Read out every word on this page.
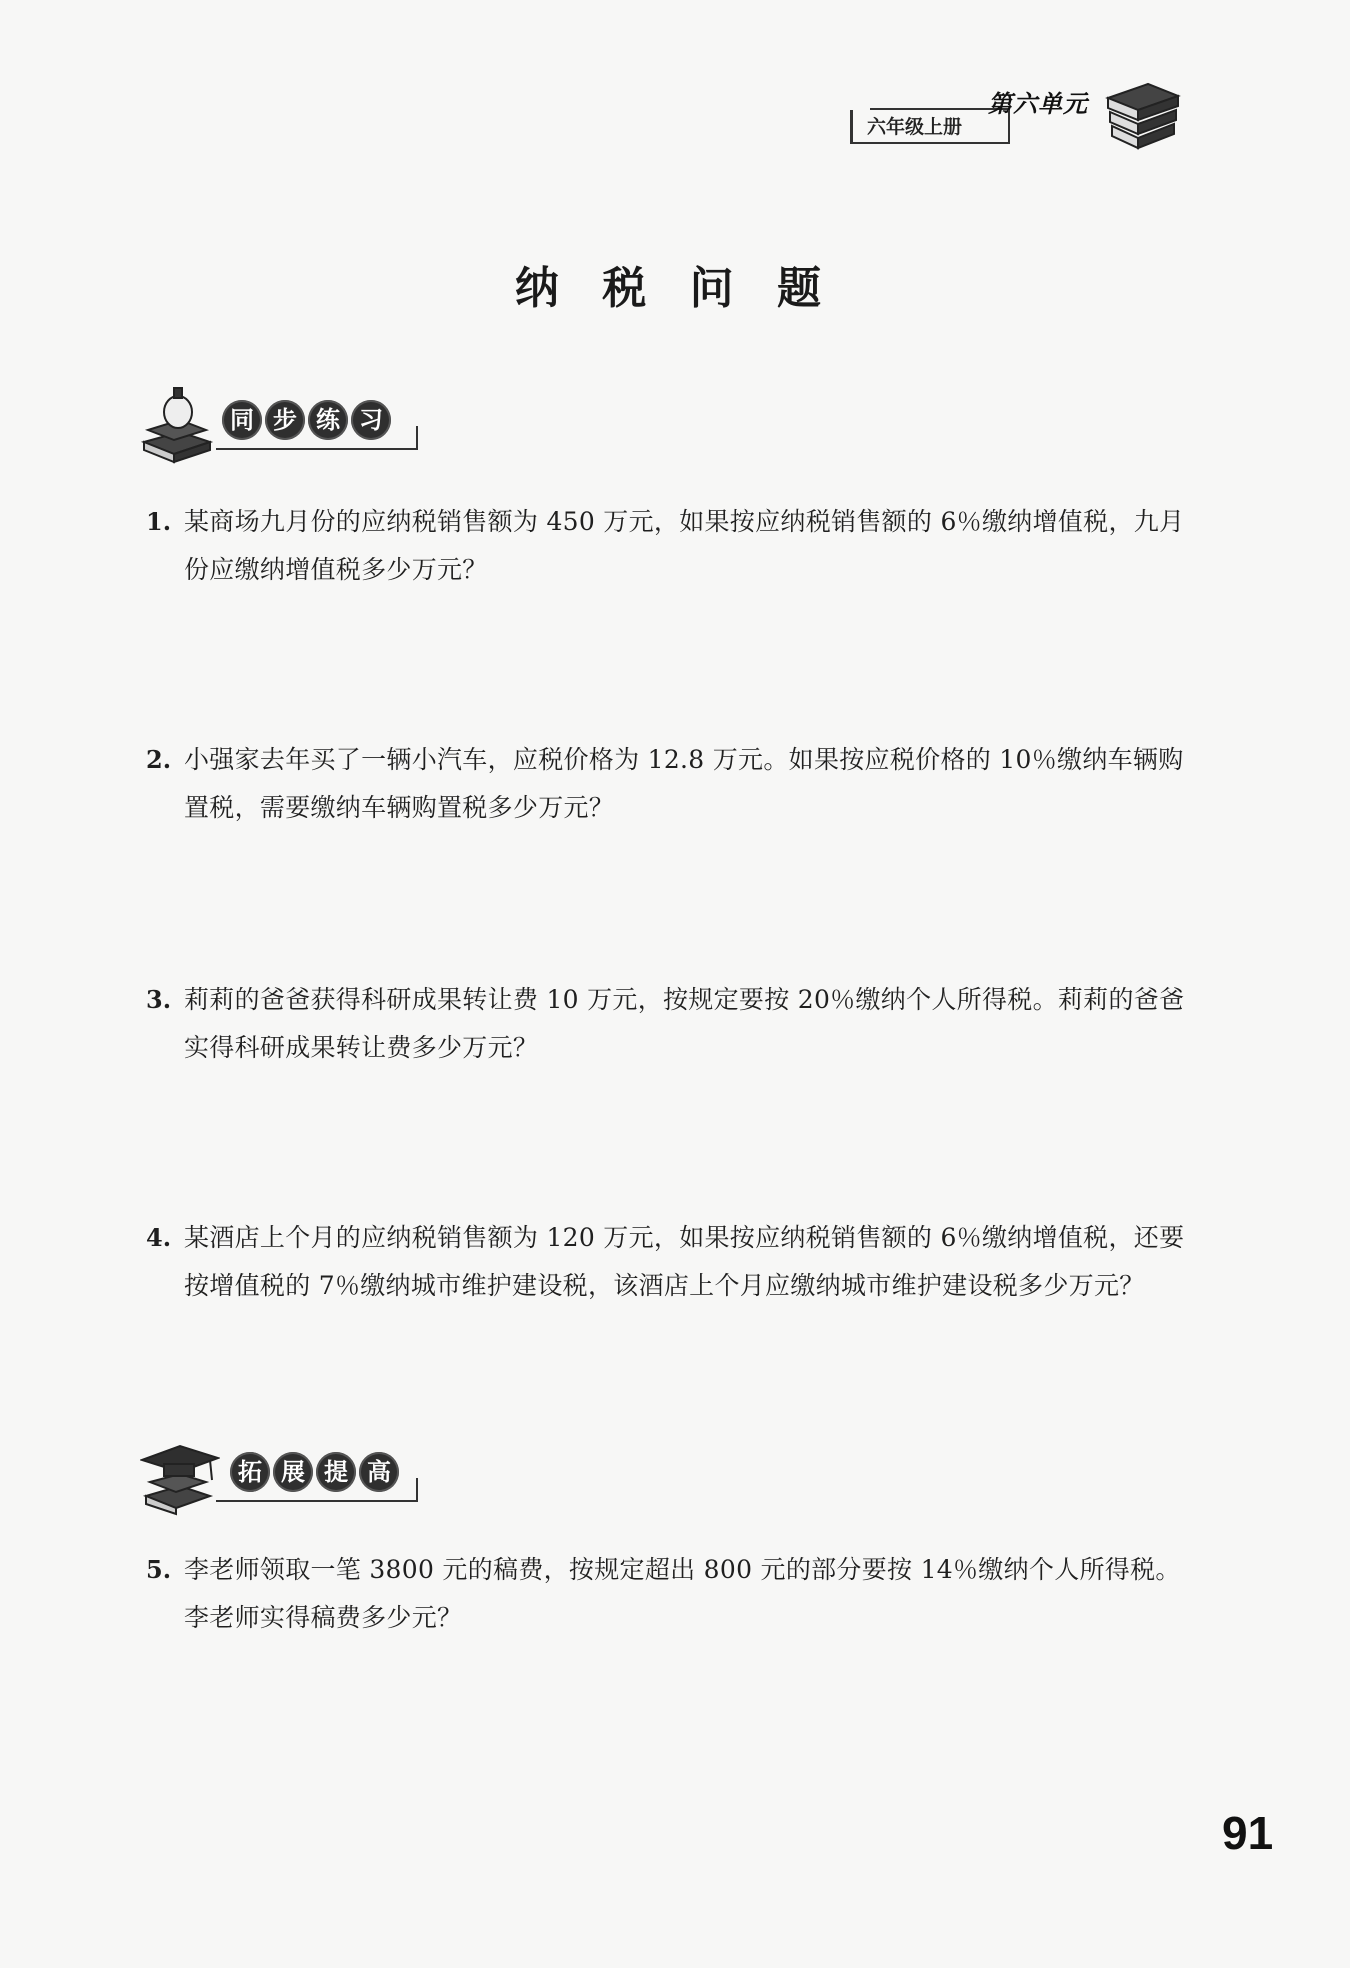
第六单元
六年级上册
纳 税 问 题
同 步 练 习
1. 某商场九月份的应纳税销售额为 450 万元，如果按应纳税销售额的 6％缴纳增值税，九月份应缴纳增值税多少万元？
2. 小强家去年买了一辆小汽车，应税价格为 12.8 万元。如果按应税价格的 10％缴纳车辆购置税，需要缴纳车辆购置税多少万元？
3. 莉莉的爸爸获得科研成果转让费 10 万元，按规定要按 20％缴纳个人所得税。莉莉的爸爸实得科研成果转让费多少万元？
4. 某酒店上个月的应纳税销售额为 120 万元，如果按应纳税销售额的 6％缴纳增值税，还要按增值税的 7％缴纳城市维护建设税，该酒店上个月应缴纳城市维护建设税多少万元？
拓 展 提 高
5. 李老师领取一笔 3800 元的稿费，按规定超出 800 元的部分要按 14％缴纳个人所得税。李老师实得稿费多少元？
91
